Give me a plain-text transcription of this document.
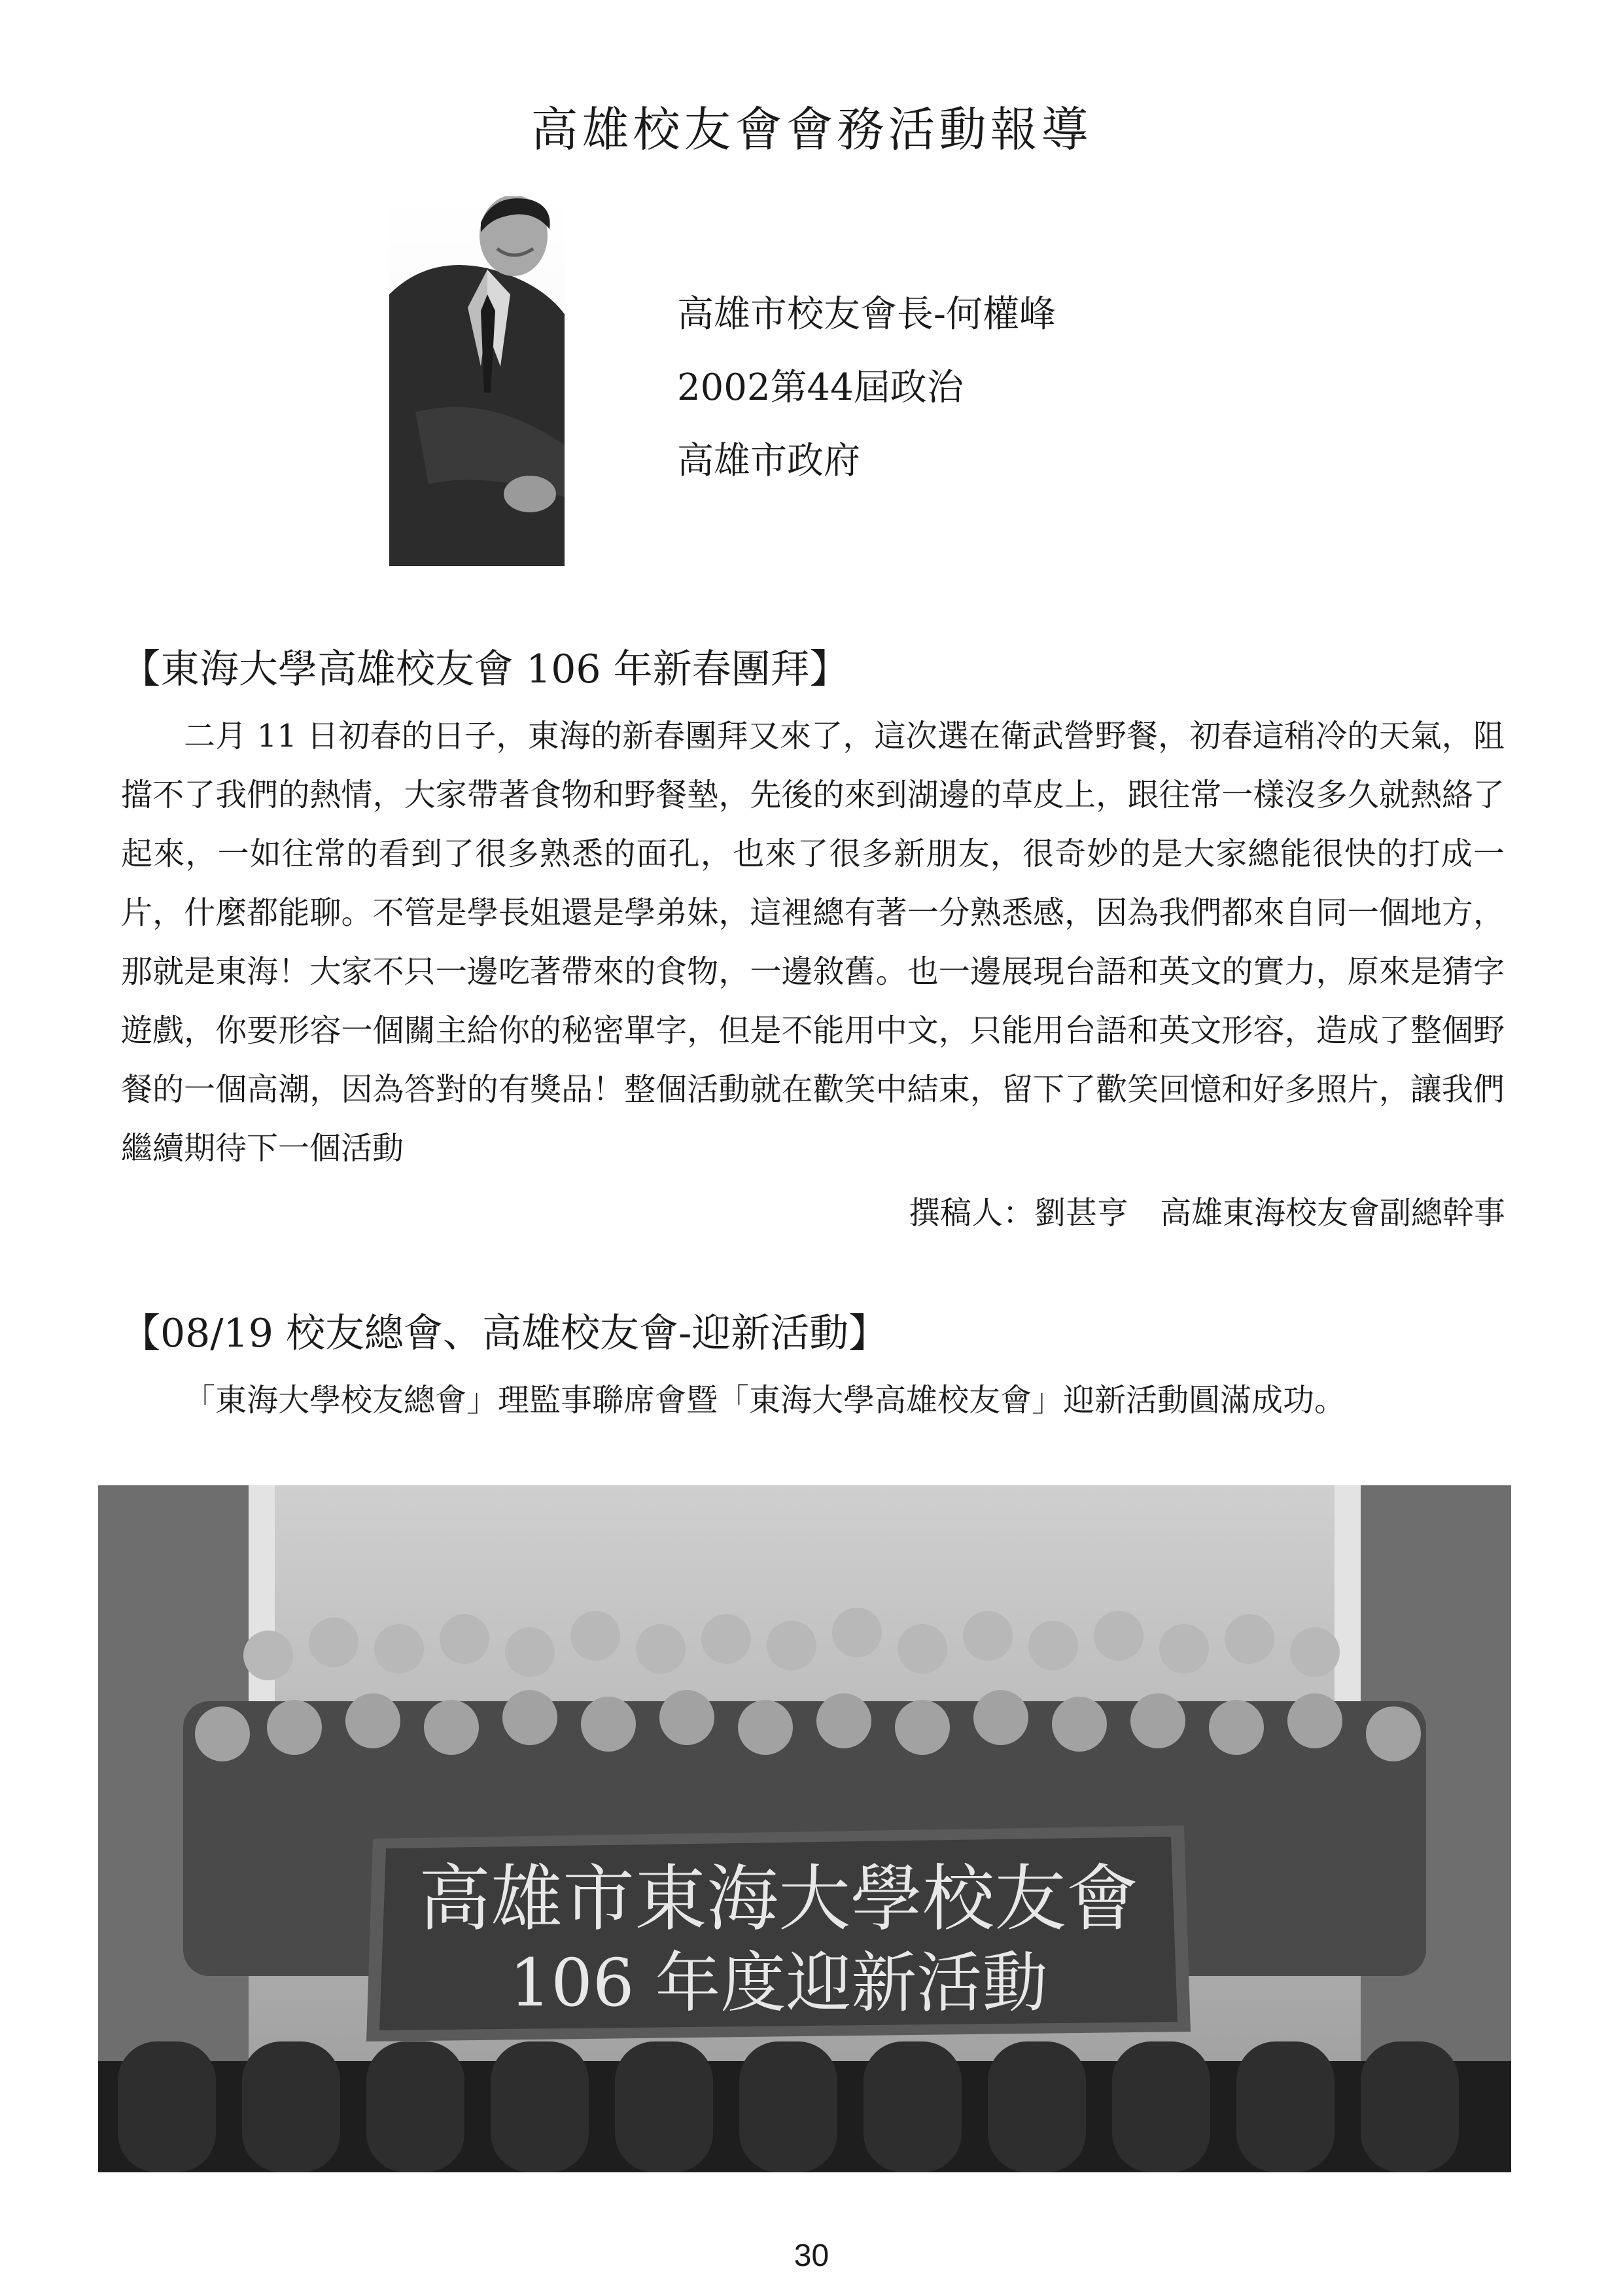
高雄校友會會務活動報導
高雄市校友會長-何權峰
2002第44屆政治
高雄市政府
【東海大學高雄校友會 106 年新春團拜】
二月 11 日初春的日子，東海的新春團拜又來了，這次選在衛武營野餐，初春這稍冷的天氣，阻擋不了我們的熱情，大家帶著食物和野餐墊，先後的來到湖邊的草皮上，跟往常一樣沒多久就熱絡了起來，一如往常的看到了很多熟悉的面孔，也來了很多新朋友，很奇妙的是大家總能很快的打成一片，什麼都能聊。不管是學長姐還是學弟妹，這裡總有著一分熟悉感，因為我們都來自同一個地方，那就是東海！大家不只一邊吃著帶來的食物，一邊敘舊。也一邊展現台語和英文的實力，原來是猜字遊戲，你要形容一個關主給你的秘密單字，但是不能用中文，只能用台語和英文形容，造成了整個野餐的一個高潮，因為答對的有獎品！整個活動就在歡笑中結束，留下了歡笑回憶和好多照片，讓我們繼續期待下一個活動
撰稿人：劉甚亨　高雄東海校友會副總幹事
【08/19 校友總會、高雄校友會-迎新活動】
「東海大學校友總會」理監事聯席會暨「東海大學高雄校友會」迎新活動圓滿成功。
高雄市東海大學校友會
106 年度迎新活動
30
